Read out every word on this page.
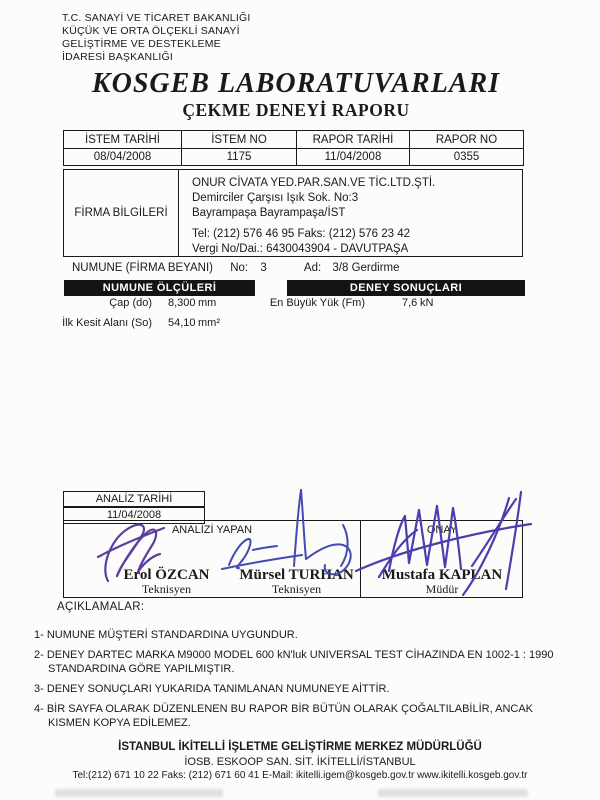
T.C. SANAYİ VE TİCARET BAKANLIĞI
KÜÇÜK VE ORTA ÖLÇEKLİ SANAYİ
GELİŞTİRME VE DESTEKLEME
İDARESİ BAŞKANLIĞI
KOSGEB LABORATUVARLARI
ÇEKME DENEYİ RAPORU
İSTEM TARİHİ	İSTEM NO	RAPOR TARİHİ	RAPOR NO
08/04/2008	1175	11/04/2008	0355
FİRMA BİLGİLERİ
ONUR CİVATA YED.PAR.SAN.VE TİC.LTD.ŞTİ.
Demirciler Çarşısı Işık Sok. No:3
Bayrampaşa Bayrampaşa/İST
Tel: (212) 576 46 95 Faks: (212) 576 23 42
Vergi No/Dai.: 6430043904 - DAVUTPAŞA
NUMUNE (FİRMA BEYANI) No: 3	Ad: 3/8 Gerdirme
NUMUNE ÖLÇÜLERİ	DENEY SONUÇLARI
Çap (do) 8,300 mm
İlk Kesit Alanı (So) 54,10 mm²
En Büyük Yük (Fm)	7,6 kN
ANALİZ TARİHİ
11/04/2008
ANALİZİ YAPAN
Erol ÖZCAN
Teknisyen
Mürsel TURHAN
Teknisyen
ONAY
Mustafa KAPLAN
Müdür
AÇIKLAMALAR:
1- NUMUNE MÜŞTERİ STANDARDINA UYGUNDUR.
2- DENEY DARTEC MARKA M9000 MODEL 600 kN'luk UNIVERSAL TEST CİHAZINDA EN 1002-1 : 1990 STANDARDINA GÖRE YAPILMIŞTIR.
3- DENEY SONUÇLARI YUKARIDA TANIMLANAN NUMUNEYE AİTTİR.
4- BİR SAYFA OLARAK DÜZENLENEN BU RAPOR BİR BÜTÜN OLARAK ÇOĞALTILABİLİR, ANCAK KISMEN KOPYA EDİLEMEZ.
İSTANBUL İKİTELLİ İŞLETME GELİŞTİRME MERKEZ MÜDÜRLÜĞÜ
İOSB. ESKOOP SAN. SİT. İKİTELLİ/İSTANBUL
Tel:(212) 671 10 22 Faks: (212) 671 60 41 E-Mail: ikitelli.igem@kosgeb.gov.tr www.ikitelli.kosgeb.gov.tr
